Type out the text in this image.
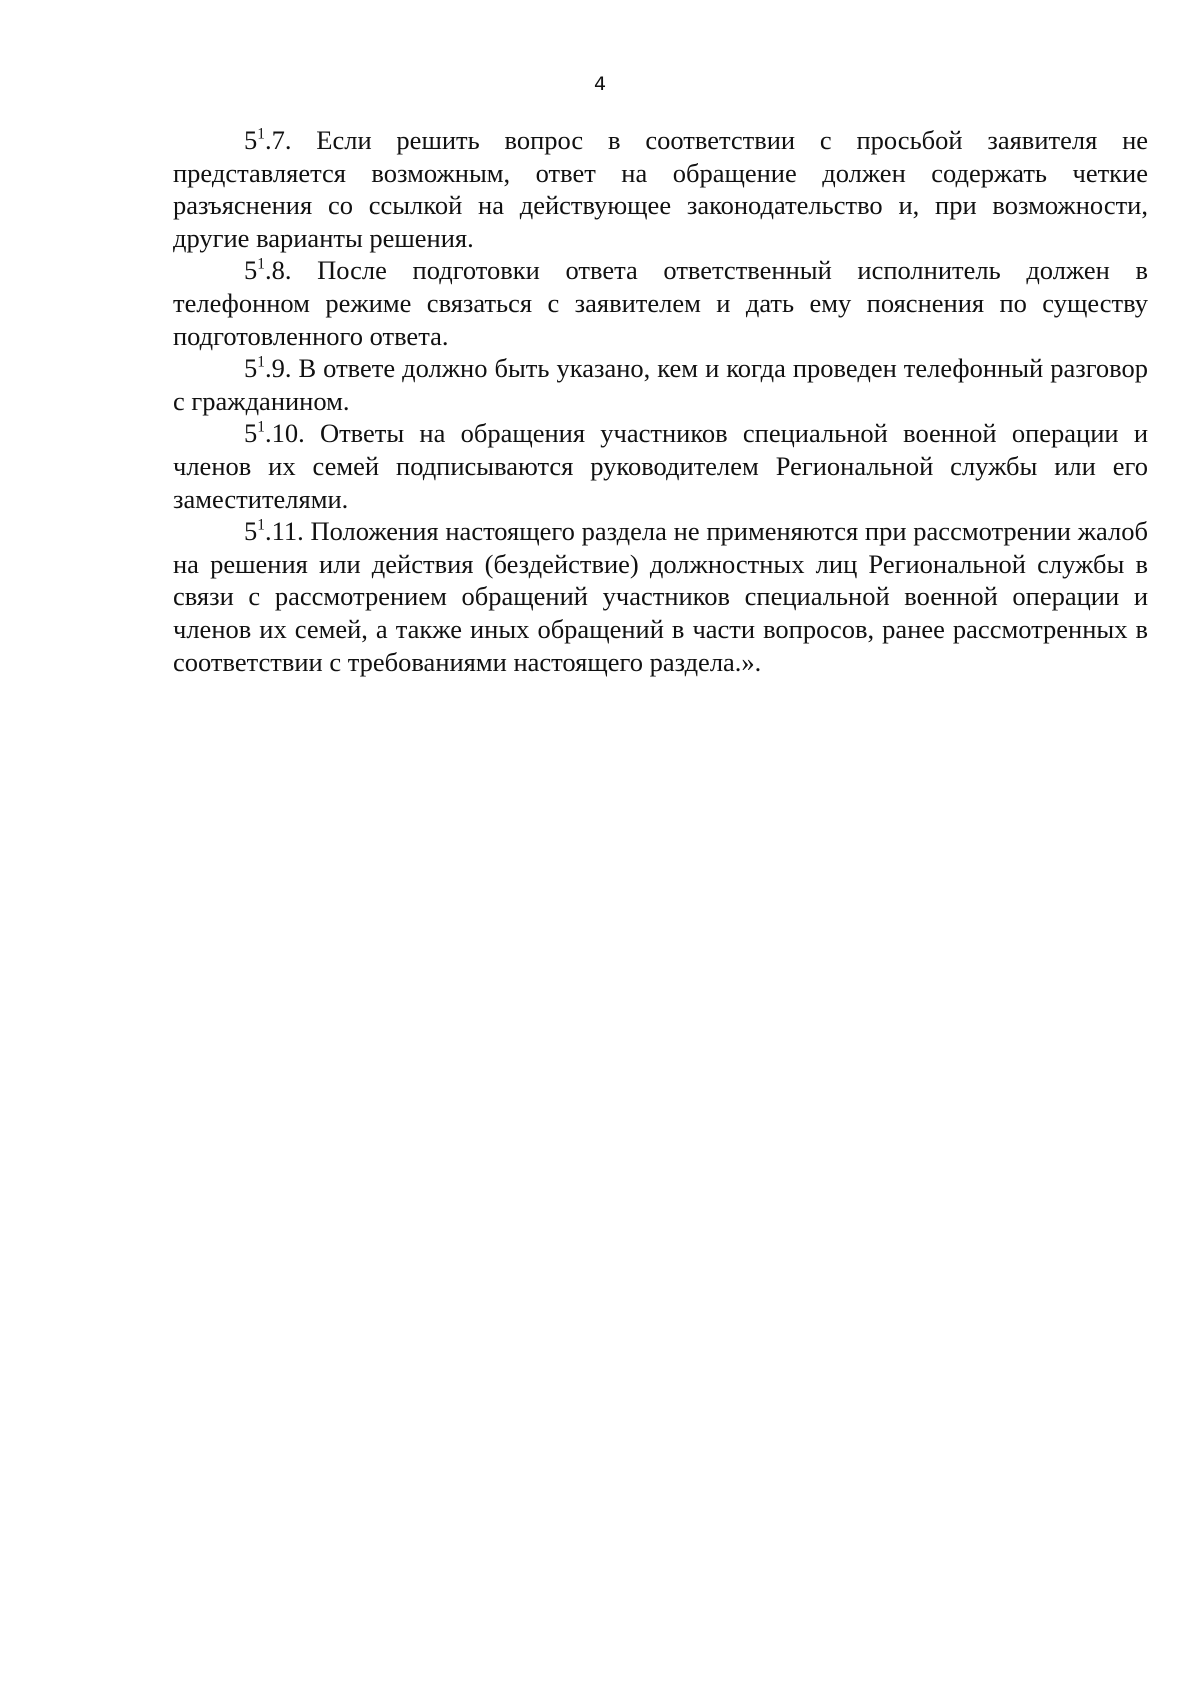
4

$5^1.7$. Если решить вопрос в соответствии с просьбой заявителя не представляется возможным, ответ на обращение должен содержать четкие разъяснения со ссылкой на действующее законодательство и, при возможности, другие варианты решения.

$5^1.8$. После подготовки ответа ответственный исполнитель должен в телефонном режиме связаться с заявителем и дать ему пояснения по существу подготовленного ответа.

$5^1.9$. В ответе должно быть указано, кем и когда проведен телефонный разговор с гражданином.

$5^1.10$. Ответы на обращения участников специальной военной операции и членов их семей подписываются руководителем Региональной службы или его заместителями.

$5^1.11$. Положения настоящего раздела не применяются при рассмотрении жалоб на решения или действия (бездействие) должностных лиц Региональной службы в связи с рассмотрением обращений участников специальной военной операции и членов их семей, а также иных обращений в части вопросов, ранее рассмотренных в соответствии с требованиями настоящего раздела.».
